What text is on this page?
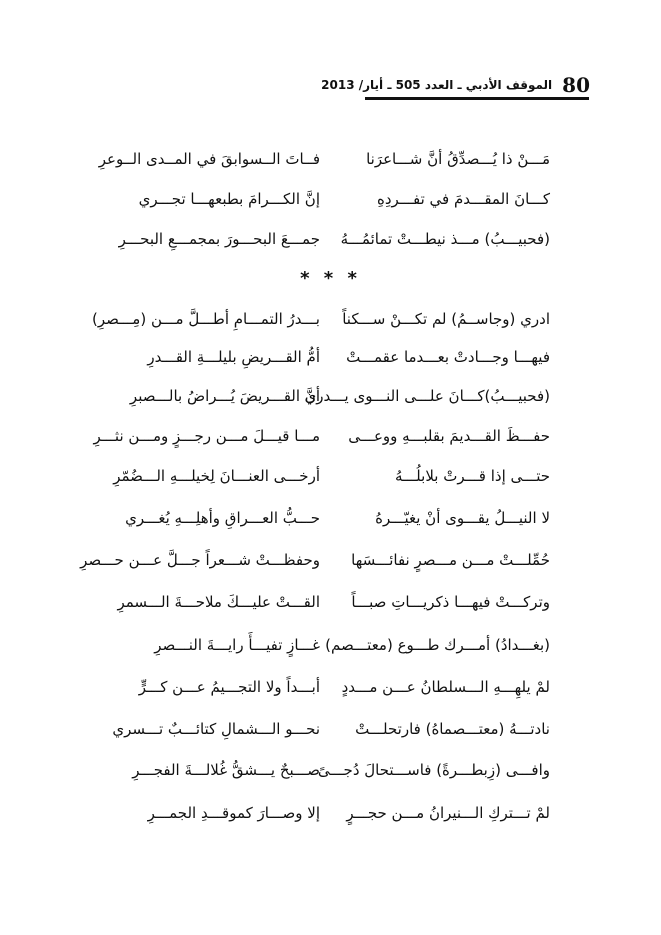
80
الموقف الأدبي ـ العدد 505 ـ أيار/ 2013
مَـــنْ ذا يُـــصدِّقُ أنَّ شـــاعرَنا
فــاتَ الــسوابقَ في المــدى الــوعرِ
كـــانَ المقـــدمَ في تفـــردِهِ
إنَّ الكـــرامَ بطبعهـــا تجـــري
(فحبيـــبُ) مـــذ نيطـــتْ تمائمُـــهُ
جمـــعَ البحـــورَ بمجمـــعِ البحـــرِ
* * *
ادري (وجاســمُ) لم تكـــنْ ســـكناً
بـــدرُ التمـــامِ أطـــلَّ مـــن (مِـــصرِ)
فيهـــا وجـــادتْ بعـــدما عقمـــتْ
أمُّ القـــريضِ بليلـــةِ القـــدرِ
(فحبيـــبُ)كـــانَ علـــى النـــوى يـــدري
أنَّ القـــريضَ يُـــراضُ بالـــصبرِ
حفـــظَ القـــديمَ بقلبـــهِ ووعـــى
مـــا قيـــلَ مـــن رجـــزٍ ومـــن نثـــرِ
حتـــى إذا قـــرتْ بلابلُـــهُ
أرخـــى العنـــانَ لِخيلـــهِ الـــضُمّرِ
لا النيـــلُ يقـــوى أنْ يغيّـــرهُ
حـــبُّ العـــراقِ وأهلِـــهِ يُغـــري
حُمِّلـــتْ مـــن مـــصرٍ نفائـــسَها
وحفظـــتْ شـــعراً جـــلَّ عـــن حـــصرِ
وتركـــتْ فيهـــا ذكريـــاتِ صبـــاً
القـــتْ عليـــكَ ملاحـــةَ الـــسمرِ
(بغـــدادُ) أمـــرك طـــوع (معتـــصم)
غـــازٍ تفيـــأَ رايـــةَ النـــصرِ
لمْ يلهِـــهِ الـــسلطانُ عـــن مـــددٍ
أبـــداً ولا التجـــيمُ عـــن كـــرٍّ
نادتـــهُ (معتـــصماهُ) فارتحلـــتْ
نحـــو الـــشمالِ كتائـــبٌ تـــسري
وافـــى (زِبطـــرةً) فاســـتحالَ دُجـــىً
صـــبحٌ يـــشقُّ غُلالـــةَ الفجـــرِ
لمْ تـــتركِ الـــنيرانُ مـــن حجـــرٍ
إلا وصـــارَ كموقـــدِ الجمـــرِ
